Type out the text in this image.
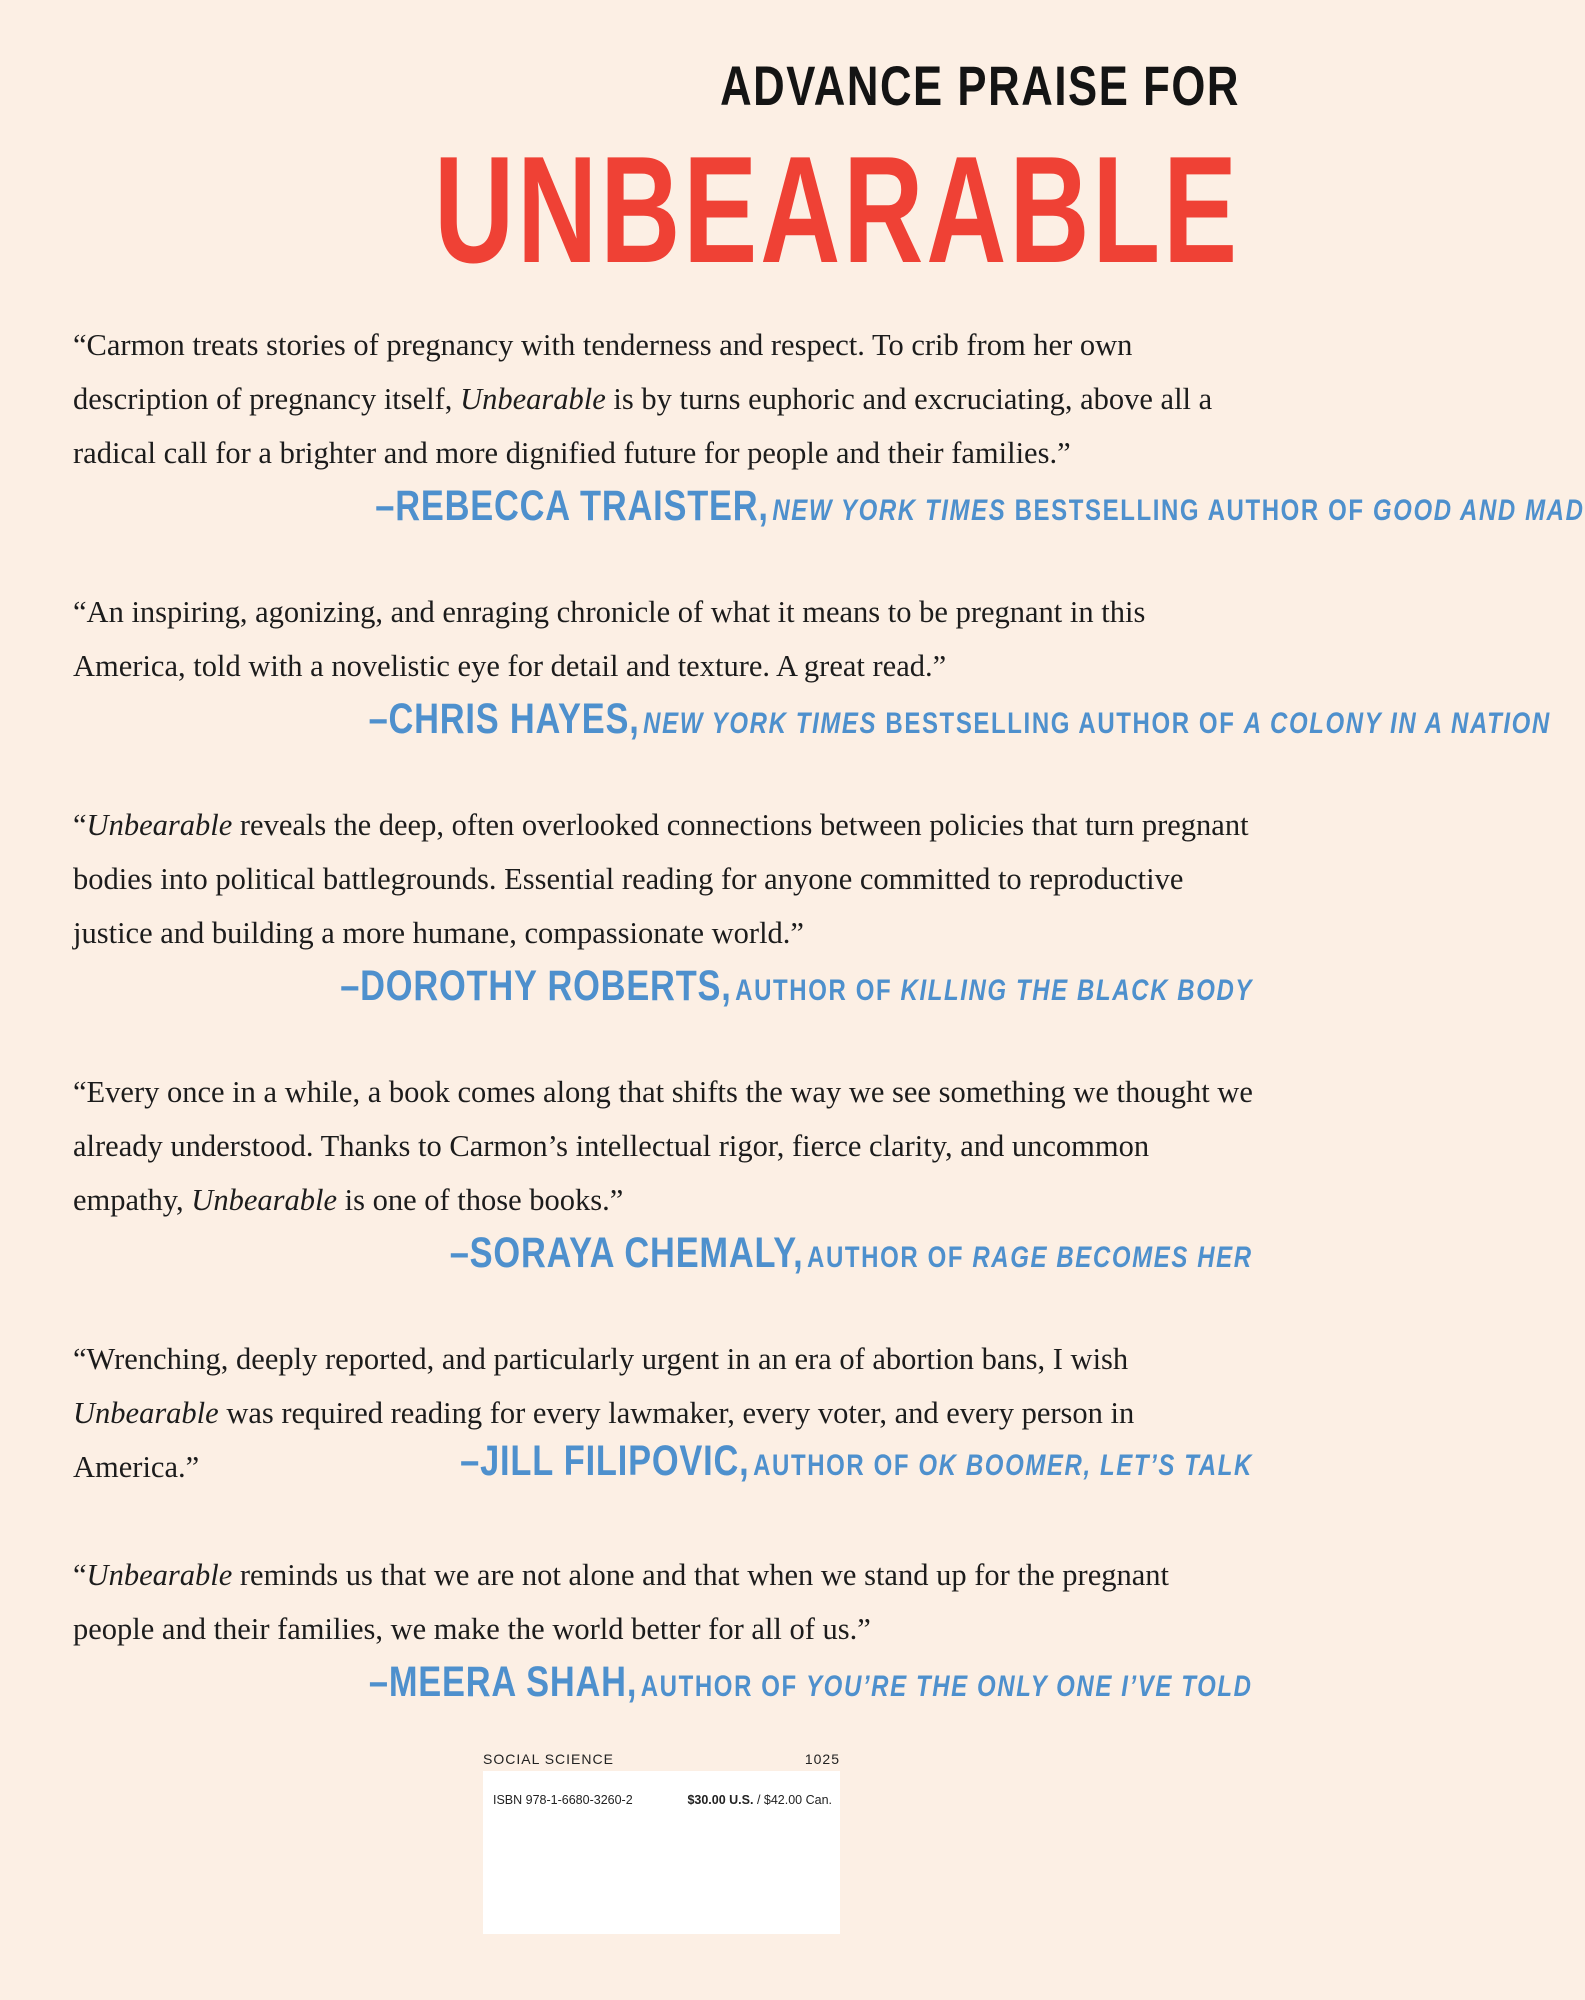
ADVANCE PRAISE FOR
UNBEARABLE

“Carmon treats stories of pregnancy with tenderness and respect. To crib from her own description of pregnancy itself, Unbearable is by turns euphoric and excruciating, above all a radical call for a brighter and more dignified future for people and their families.”

–REBECCA TRAISTER, NEW YORK TIMES BESTSELLING AUTHOR OF GOOD AND MAD

“An inspiring, agonizing, and enraging chronicle of what it means to be pregnant in this America, told with a novelistic eye for detail and texture. A great read.”

–CHRIS HAYES, NEW YORK TIMES BESTSELLING AUTHOR OF A COLONY IN A NATION

“Unbearable reveals the deep, often overlooked connections between policies that turn pregnant bodies into political battlegrounds. Essential reading for anyone committed to reproductive justice and building a more humane, compassionate world.”

–DOROTHY ROBERTS, AUTHOR OF KILLING THE BLACK BODY

“Every once in a while, a book comes along that shifts the way we see something we thought we already understood. Thanks to Carmon’s intellectual rigor, fierce clarity, and uncommon empathy, Unbearable is one of those books.”

–SORAYA CHEMALY, AUTHOR OF RAGE BECOMES HER

“Wrenching, deeply reported, and particularly urgent in an era of abortion bans, I wish Unbearable was required reading for every lawmaker, every voter, and every person in America.”	–JILL FILIPOVIC, AUTHOR OF OK BOOMER, LET’S TALK

“Unbearable reminds us that we are not alone and that when we stand up for the pregnant people and their families, we make the world better for all of us.”

–MEERA SHAH, AUTHOR OF YOU’RE THE ONLY ONE I’VE TOLD
SOCIAL SCIENCE	1025
ISBN 978-1-6680-3260-2	$30.00 U.S. / $42.00 Can.
